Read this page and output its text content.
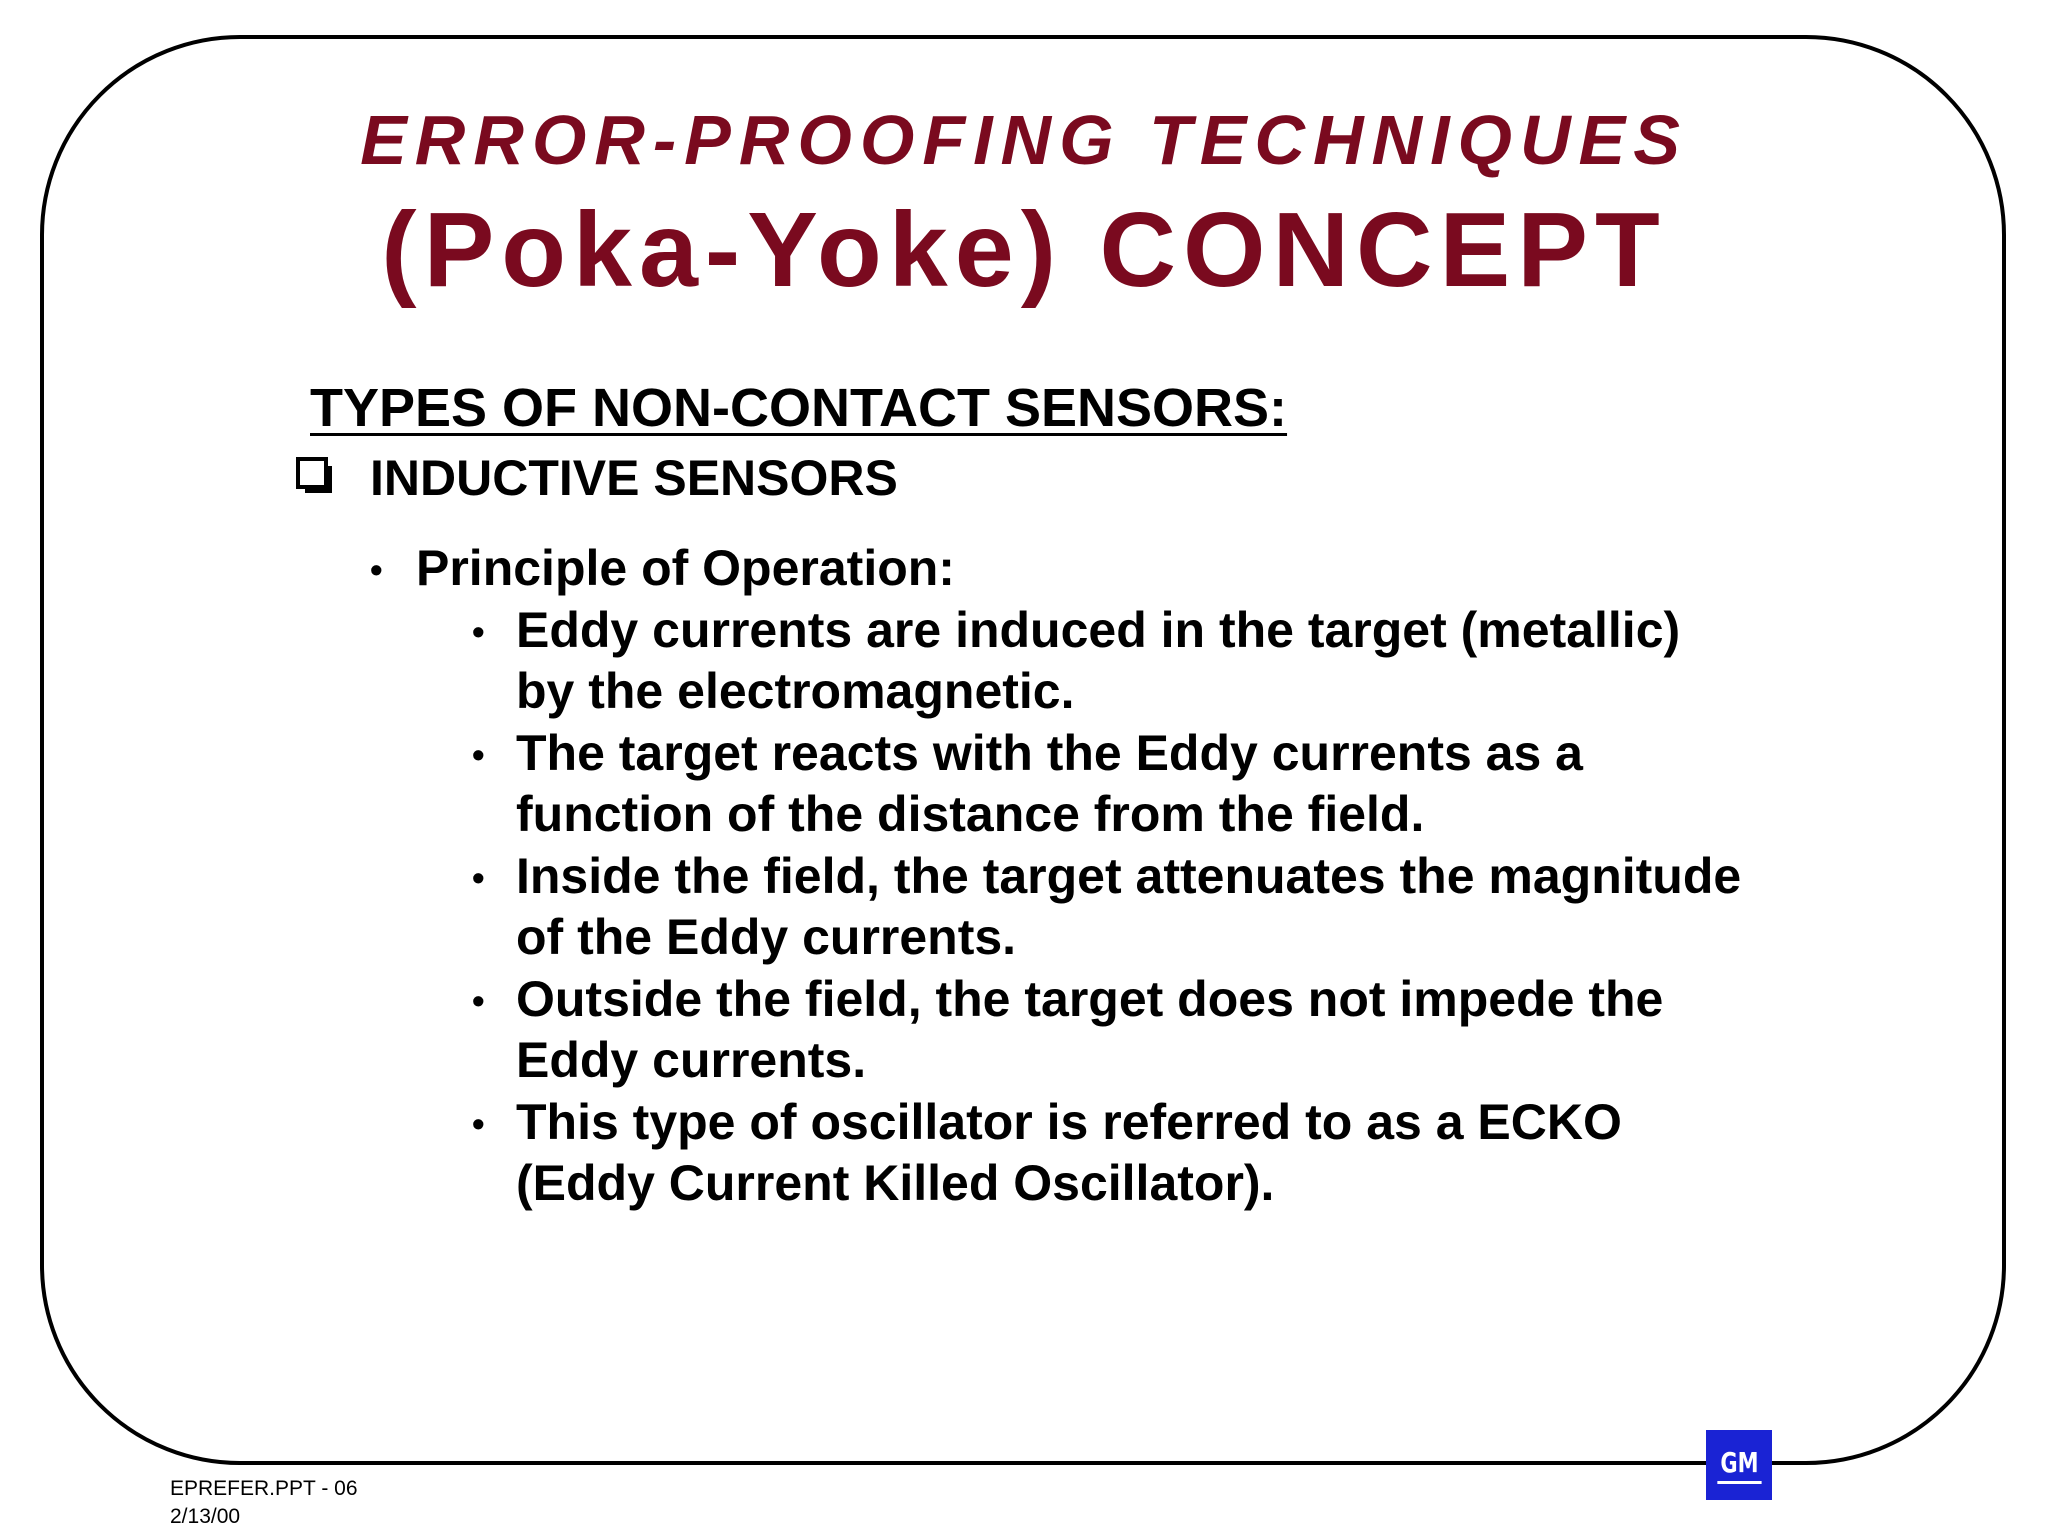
ERROR-PROOFING TECHNIQUES
(Poka-Yoke) CONCEPT
TYPES OF NON-CONTACT SENSORS:
INDUCTIVE SENSORS
• Principle of Operation:
• Eddy currents are induced in the target (metallic)
by the electromagnetic.
• The target reacts with the Eddy currents as a
function of the distance from the field.
• Inside the field, the target attenuates the magnitude
of the Eddy currents.
• Outside the field, the target does not impede the
Eddy currents.
• This type of oscillator is referred to as a ECKO
(Eddy Current Killed Oscillator).
EPREFER.PPT - 06
2/13/00
GM
